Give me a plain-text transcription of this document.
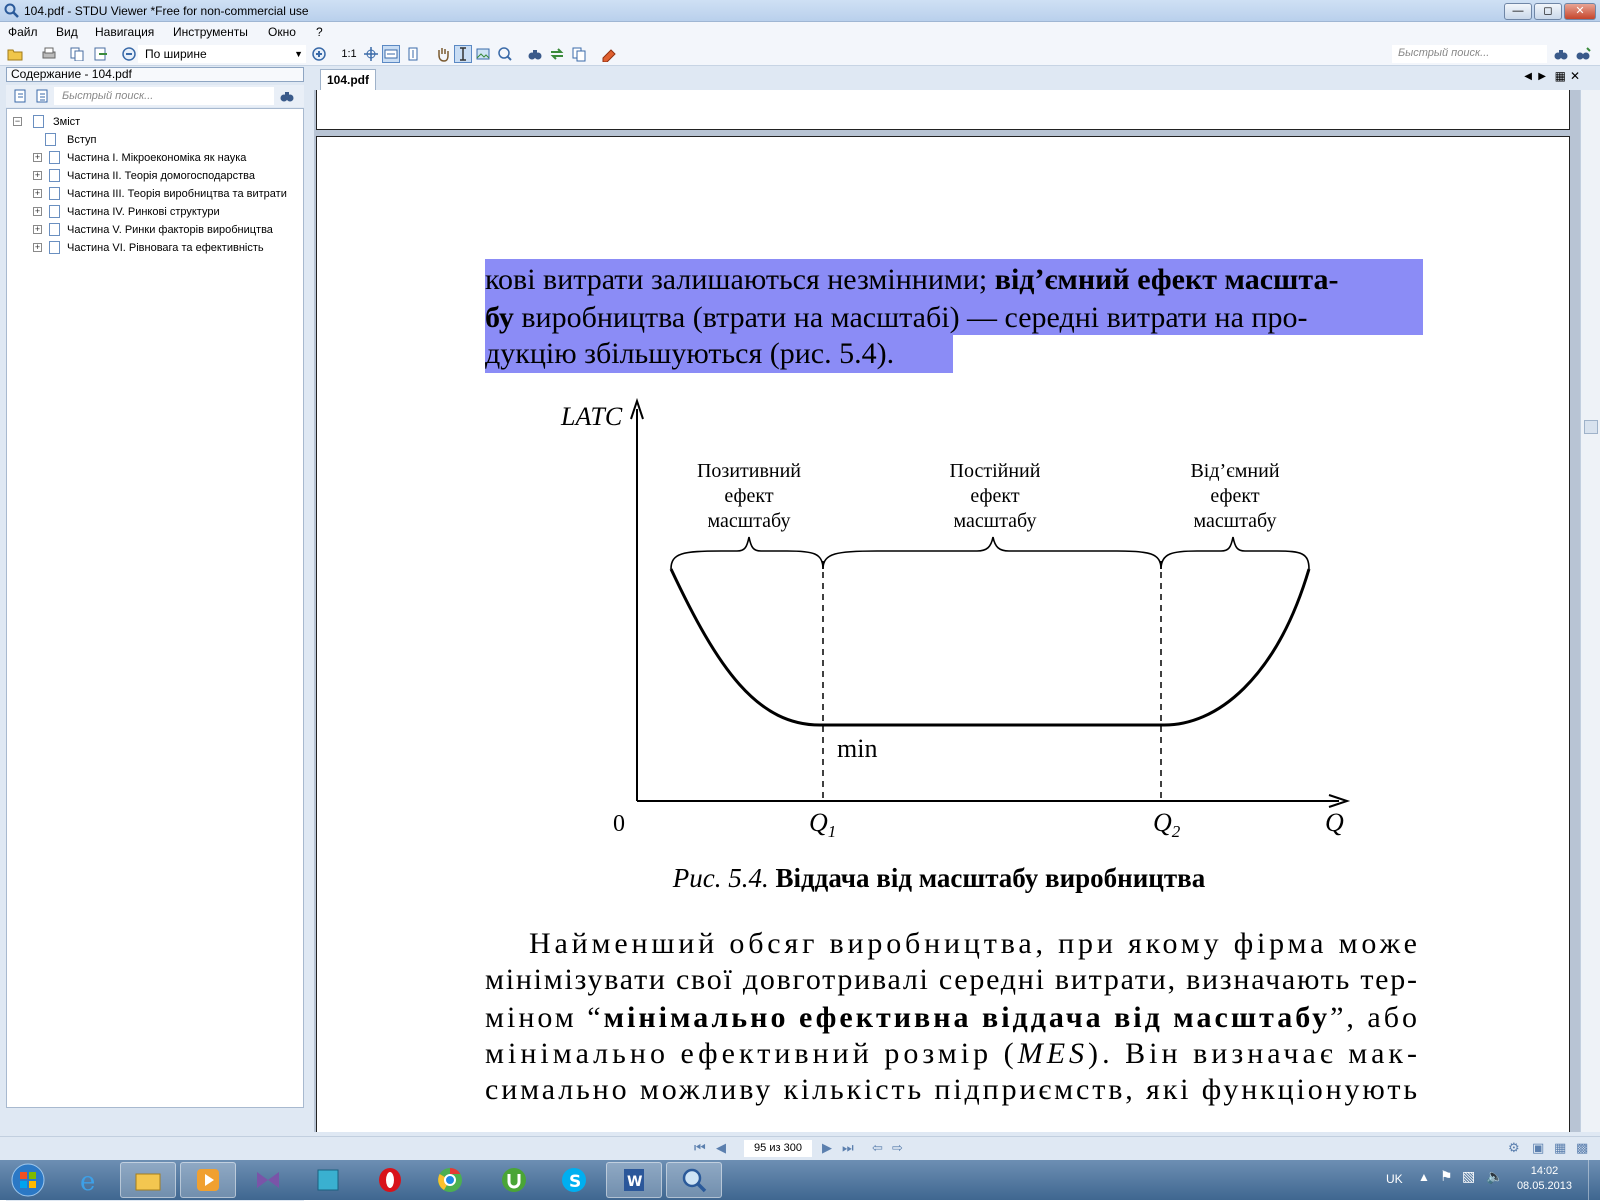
104.pdf - STDU Viewer *Free for non-commercial use	—	◻	✕
Файл Вид Навигация Инструменты Окно ?
По ширине	▼	1:1	Быстрый поиск...
Содержание - 104.pdf
Быстрый поиск...
−	Зміст
Вступ
+ Частина I. Мікроекономіка як наука
+ Частина II. Теорія домогосподарства
+ Частина III. Теорія виробництва та витрати
+ Частина IV. Ринкові структури
+ Частина V. Ринки факторів виробництва
+ Частина VI. Рівновага та ефективність
104.pdf	◀ ▶ ▦ ✕
кові витрати залишаються незмінними; від’ємний ефект масшта-
бу виробництва (втрати на масштабі) — середні витрати на про-
дукцію збільшуються (рис. 5.4).
LATC
Q
0	$Q_1$	$Q_2$
min
Позитивний
ефект
масштабу
Постійний
ефект
масштабу
Від’ємний
ефект
масштабу
Рис. 5.4. Віддача від масштабу виробництва
Найменший обсяг виробництва, при якому фірма може
мінімізувати свої довготривалі середні витрати, визначають тер-
міном “мінімально ефективна віддача від масштабу”, або
мінімально ефективний розмір ( MES ). Він визначає мак-
симально можливу кількість підприємств, які функціонують
⏮ ◀	95 из 300	▶ ⏭ ⇦ ⇨	⚙ ▣ ▦ ▩
e	S	W	UK ▲ ⚑ ▧ 🔈	14:02
08.05.2013
